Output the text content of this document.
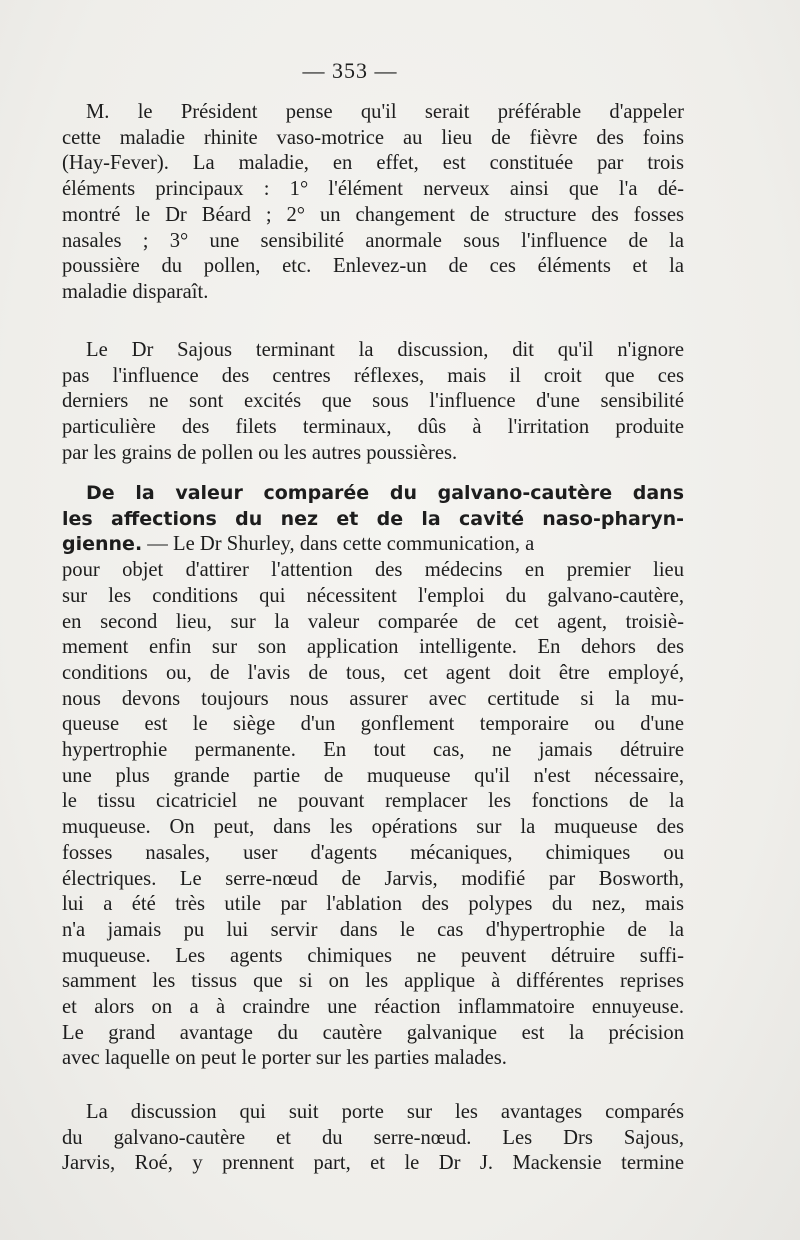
— 353 —
M. le Président pense qu'il serait préférable d'appeler
cette maladie rhinite vaso-motrice au lieu de fièvre des foins
(Hay-Fever). La maladie, en effet, est constituée par trois
éléments principaux : 1° l'élément nerveux ainsi que l'a dé-
montré le Dr Béard ; 2° un changement de structure des fosses
nasales ; 3° une sensibilité anormale sous l'influence de la
poussière du pollen, etc. Enlevez-un de ces éléments et la
maladie disparaît.
Le Dr Sajous terminant la discussion, dit qu'il n'ignore
pas l'influence des centres réflexes, mais il croit que ces
derniers ne sont excités que sous l'influence d'une sensibilité
particulière des filets terminaux, dûs à l'irritation produite
par les grains de pollen ou les autres poussières.
De la valeur comparée du galvano-cautère dans
les affections du nez et de la cavité naso-pharyn-
gienne. — Le Dr Shurley, dans cette communication, a
pour objet d'attirer l'attention des médecins en premier lieu
sur les conditions qui nécessitent l'emploi du galvano-cautère,
en second lieu, sur la valeur comparée de cet agent, troisiè-
mement enfin sur son application intelligente. En dehors des
conditions ou, de l'avis de tous, cet agent doit être employé,
nous devons toujours nous assurer avec certitude si la mu-
queuse est le siège d'un gonflement temporaire ou d'une
hypertrophie permanente. En tout cas, ne jamais détruire
une plus grande partie de muqueuse qu'il n'est nécessaire,
le tissu cicatriciel ne pouvant remplacer les fonctions de la
muqueuse. On peut, dans les opérations sur la muqueuse des
fosses nasales, user d'agents mécaniques, chimiques ou
électriques. Le serre-nœud de Jarvis, modifié par Bosworth,
lui a été très utile par l'ablation des polypes du nez, mais
n'a jamais pu lui servir dans le cas d'hypertrophie de la
muqueuse. Les agents chimiques ne peuvent détruire suffi-
samment les tissus que si on les applique à différentes reprises
et alors on a à craindre une réaction inflammatoire ennuyeuse.
Le grand avantage du cautère galvanique est la précision
avec laquelle on peut le porter sur les parties malades.
La discussion qui suit porte sur les avantages comparés
du galvano-cautère et du serre-nœud. Les Drs Sajous,
Jarvis, Roé, y prennent part, et le Dr J. Mackensie termine
